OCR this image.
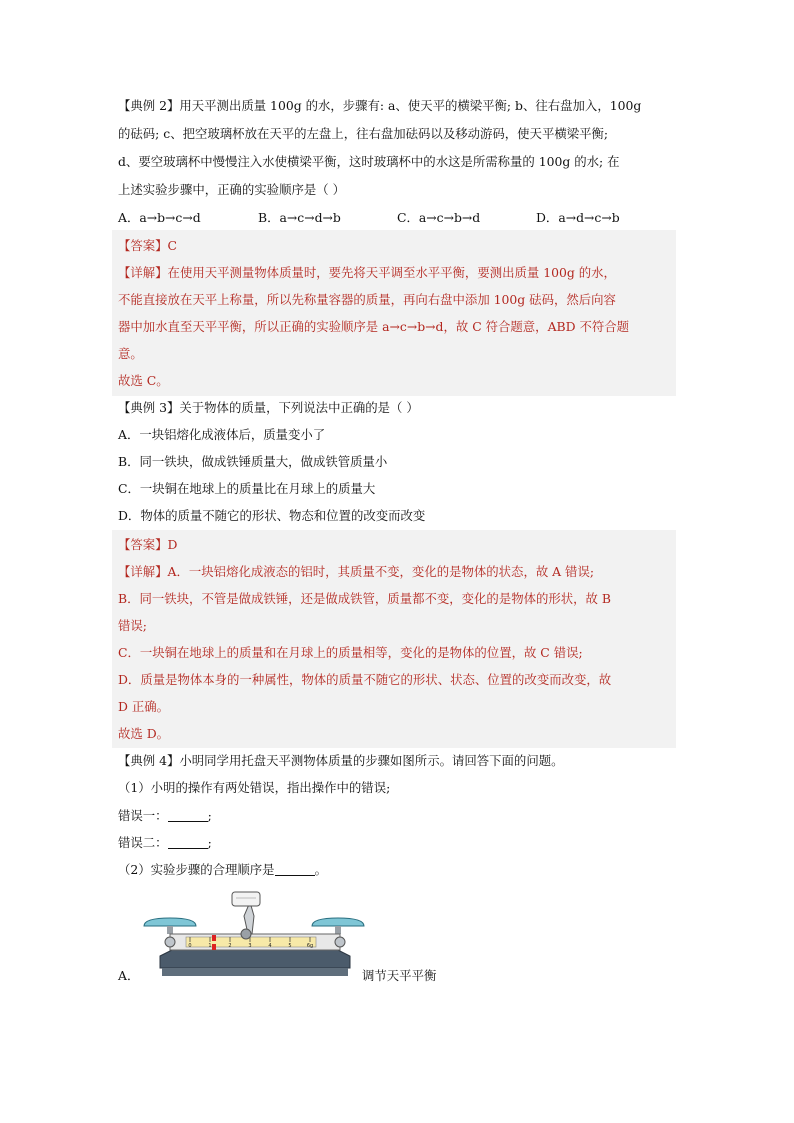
【典例 2】用天平测出质量 100g 的水，步骤有: a、使天平的横梁平衡; b、往右盘加入，100g
的砝码; c、把空玻璃杯放在天平的左盘上，往右盘加砝码以及移动游码，使天平横梁平衡;
d、要空玻璃杯中慢慢注入水使横梁平衡，这时玻璃杯中的水这是所需称量的 100g 的水; 在
上述实验步骤中，正确的实验顺序是（ ）
A．a→b→c→d	B．a→c→d→b	C．a→c→b→d	D．a→d→c→b
【答案】C
【详解】在使用天平测量物体质量时，要先将天平调至水平平衡，要测出质量 100g 的水，
不能直接放在天平上称量，所以先称量容器的质量，再向右盘中添加 100g 砝码，然后向容
器中加水直至天平平衡，所以正确的实验顺序是 a→c→b→d，故 C 符合题意，ABD 不符合题
意。
故选 C。
【典例 3】关于物体的质量，下列说法中正确的是（ ）
A．一块铝熔化成液体后，质量变小了
B．同一铁块，做成铁锤质量大，做成铁管质量小
C．一块铜在地球上的质量比在月球上的质量大
D．物体的质量不随它的形状、物态和位置的改变而改变
【答案】D
【详解】A．一块铝熔化成液态的铝时，其质量不变，变化的是物体的状态，故 A 错误;
B．同一铁块，不管是做成铁锤，还是做成铁管，质量都不变，变化的是物体的形状，故 B
错误;
C．一块铜在地球上的质量和在月球上的质量相等，变化的是物体的位置，故 C 错误;
D．质量是物体本身的一种属性，物体的质量不随它的形状、状态、位置的改变而改变，故
D 正确。
故选 D。
【典例 4】小明同学用托盘天平测物体质量的步骤如图所示。请回答下面的问题。
（1）小明的操作有两处错误，指出操作中的错误;
错误一：	;
错误二：	;
（2）实验步骤的合理顺序是	。
0	1	2	3	4	5	6g
A．	调节天平平衡
